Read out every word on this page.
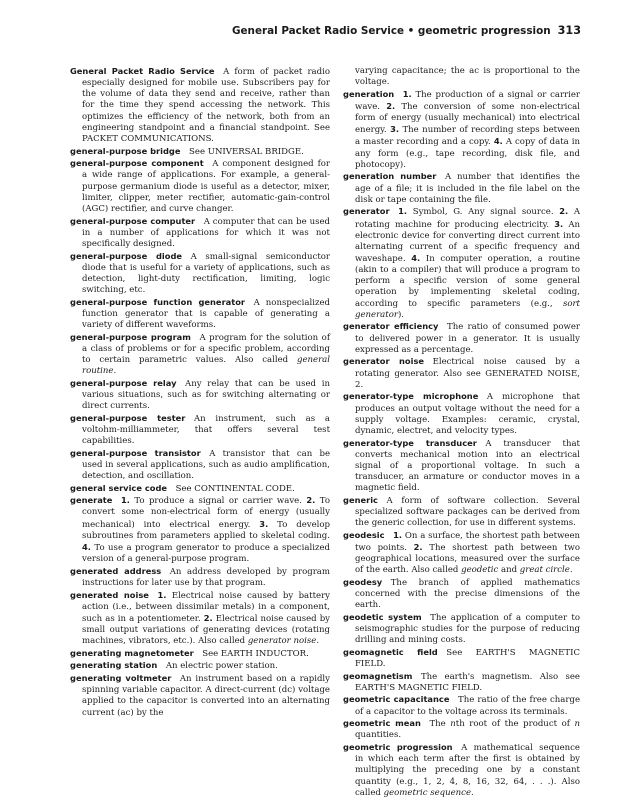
General Packet Radio Service • geometric progression 313

General Packet Radio Service  A form of packet radio especially designed for mobile use. Subscribers pay for the volume of data they send and receive, rather than for the time they spend accessing the network. This optimizes the efficiency of the network, both from an engineering standpoint and a financial standpoint. See PACKET COMMUNICATIONS.

general-purpose bridge  See UNIVERSAL BRIDGE.

general-purpose component  A component designed for a wide range of applications. For example, a general-purpose germanium diode is useful as a detector, mixer, limiter, clipper, meter rectifier, automatic-gain-control (AGC) rectifier, and curve changer.

general-purpose computer  A computer that can be used in a number of applications for which it was not specifically designed.

general-purpose diode  A small-signal semiconductor diode that is useful for a variety of applications, such as detection, light-duty rectification, limiting, logic switching, etc.

general-purpose function generator  A nonspecialized function generator that is capable of generating a variety of different waveforms.

general-purpose program  A program for the solution of a class of problems or for a specific problem, according to certain parametric values. Also called general routine.

general-purpose relay  Any relay that can be used in various situations, such as for switching alternating or direct currents.

general-purpose tester  An instrument, such as a voltohm-milliammeter, that offers several test capabilities.

general-purpose transistor  A transistor that can be used in several applications, such as audio amplification, detection, and oscillation.

general service code  See CONTINENTAL CODE.

generate  1. To produce a signal or carrier wave. 2. To convert some non-electrical form of energy (usually mechanical) into electrical energy. 3. To develop subroutines from parameters applied to skeletal coding. 4. To use a program generator to produce a specialized version of a general-purpose program.

generated address  An address developed by program instructions for later use by that program.

generated noise  1. Electrical noise caused by battery action (i.e., between dissimilar metals) in a component, such as in a potentiometer. 2. Electrical noise caused by small output variations of generating devices (rotating machines, vibrators, etc.). Also called generator noise.

generating magnetometer  See EARTH INDUCTOR.

generating station  An electric power station.

generating voltmeter  An instrument based on a rapidly spinning variable capacitor. A direct-current (dc) voltage applied to the capacitor is converted into an alternating current (ac) by the

varying capacitance; the ac is proportional to the voltage.

generation  1. The production of a signal or carrier wave. 2. The conversion of some non-electrical form of energy (usually mechanical) into electrical energy. 3. The number of recording steps between a master recording and a copy. 4. A copy of data in any form (e.g., tape recording, disk file, and photocopy).

generation number  A number that identifies the age of a file; it is included in the file label on the disk or tape containing the file.

generator  1. Symbol, G. Any signal source. 2. A rotating machine for producing electricity. 3. An electronic device for converting direct current into alternating current of a specific frequency and waveshape. 4. In computer operation, a routine (akin to a compiler) that will produce a program to perform a specific version of some general operation by implementing skeletal coding, according to specific parameters (e.g., sort generator).

generator efficiency  The ratio of consumed power to delivered power in a generator. It is usually expressed as a percentage.

generator noise  Electrical noise caused by a rotating generator. Also see GENERATED NOISE, 2.

generator-type microphone  A microphone that produces an output voltage without the need for a supply voltage. Examples: ceramic, crystal, dynamic, electret, and velocity types.

generator-type transducer  A transducer that converts mechanical motion into an electrical signal of a proportional voltage. In such a transducer, an armature or conductor moves in a magnetic field.

generic  A form of software collection. Several specialized software packages can be derived from the generic collection, for use in different systems.

geodesic  1. On a surface, the shortest path between two points. 2. The shortest path between two geographical locations, measured over the surface of the earth. Also called geodetic and great circle.

geodesy  The branch of applied mathematics concerned with the precise dimensions of the earth.

geodetic system  The application of a computer to seismographic studies for the purpose of reducing drilling and mining costs.

geomagnetic field  See EARTH'S MAGNETIC FIELD.

geomagnetism  The earth's magnetism. Also see EARTH'S MAGNETIC FIELD.

geometric capacitance  The ratio of the free charge of a capacitor to the voltage across its terminals.

geometric mean  The nth root of the product of n quantities.

geometric progression  A mathematical sequence in which each term after the first is obtained by multiplying the preceding one by a constant quantity (e.g., 1, 2, 4, 8, 16, 32, 64, . . .). Also called geometric sequence.
